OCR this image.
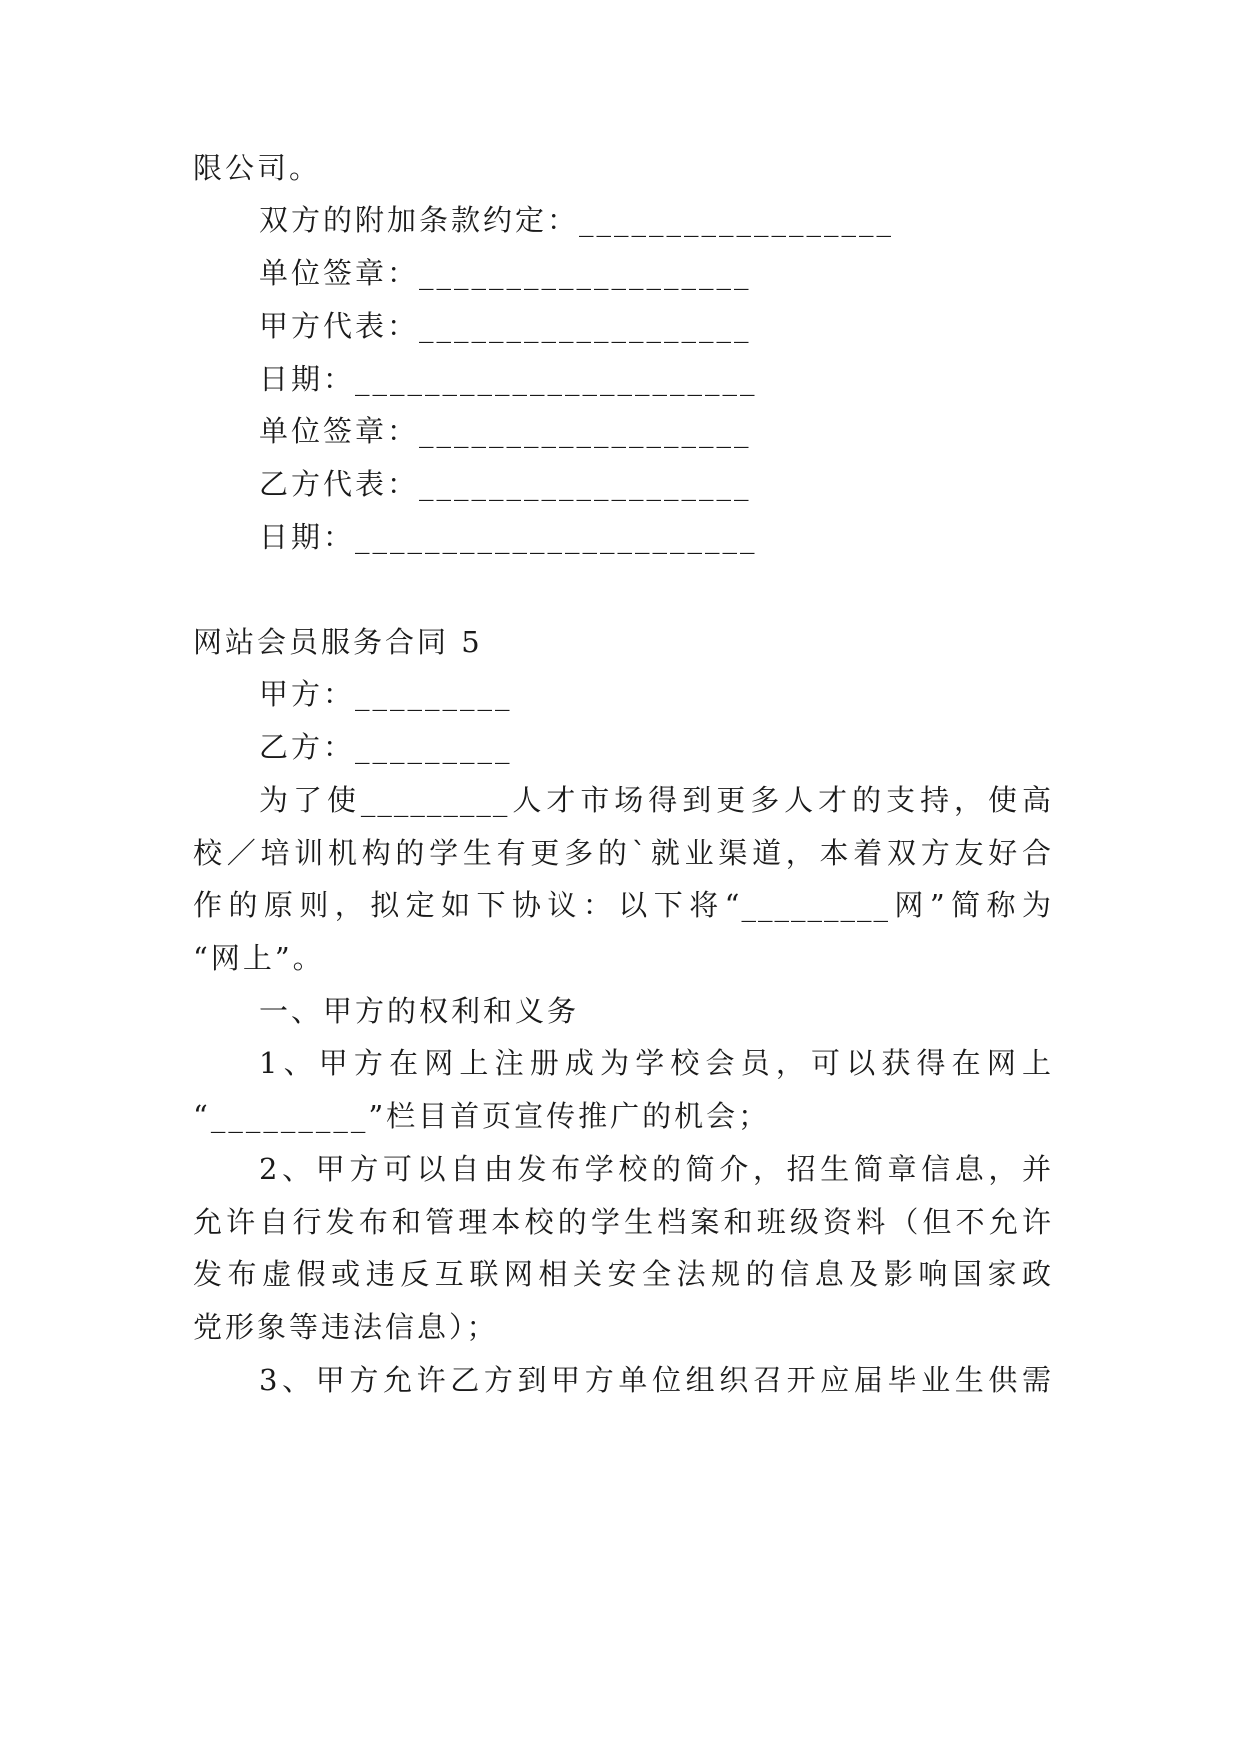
限公司。
双方的附加条款约定：__________________
单位签章：___________________
甲方代表：___________________
日期：_______________________
单位签章：___________________
乙方代表：___________________
日期：_______________________
网站会员服务合同 5
甲方：_________
乙方：_________
为了使_________人才市场得到更多人才的支持，使高
校／培训机构的学生有更多的`就业渠道，本着双方友好合
作的原则，拟定如下协议：以下将“_________网”简称为
“网上”。
一、甲方的权利和义务
1、甲方在网上注册成为学校会员，可以获得在网上
“_________”栏目首页宣传推广的机会；
2、甲方可以自由发布学校的简介，招生简章信息，并
允许自行发布和管理本校的学生档案和班级资料（但不允许
发布虚假或违反互联网相关安全法规的信息及影响国家政
党形象等违法信息）；
3、甲方允许乙方到甲方单位组织召开应届毕业生供需
